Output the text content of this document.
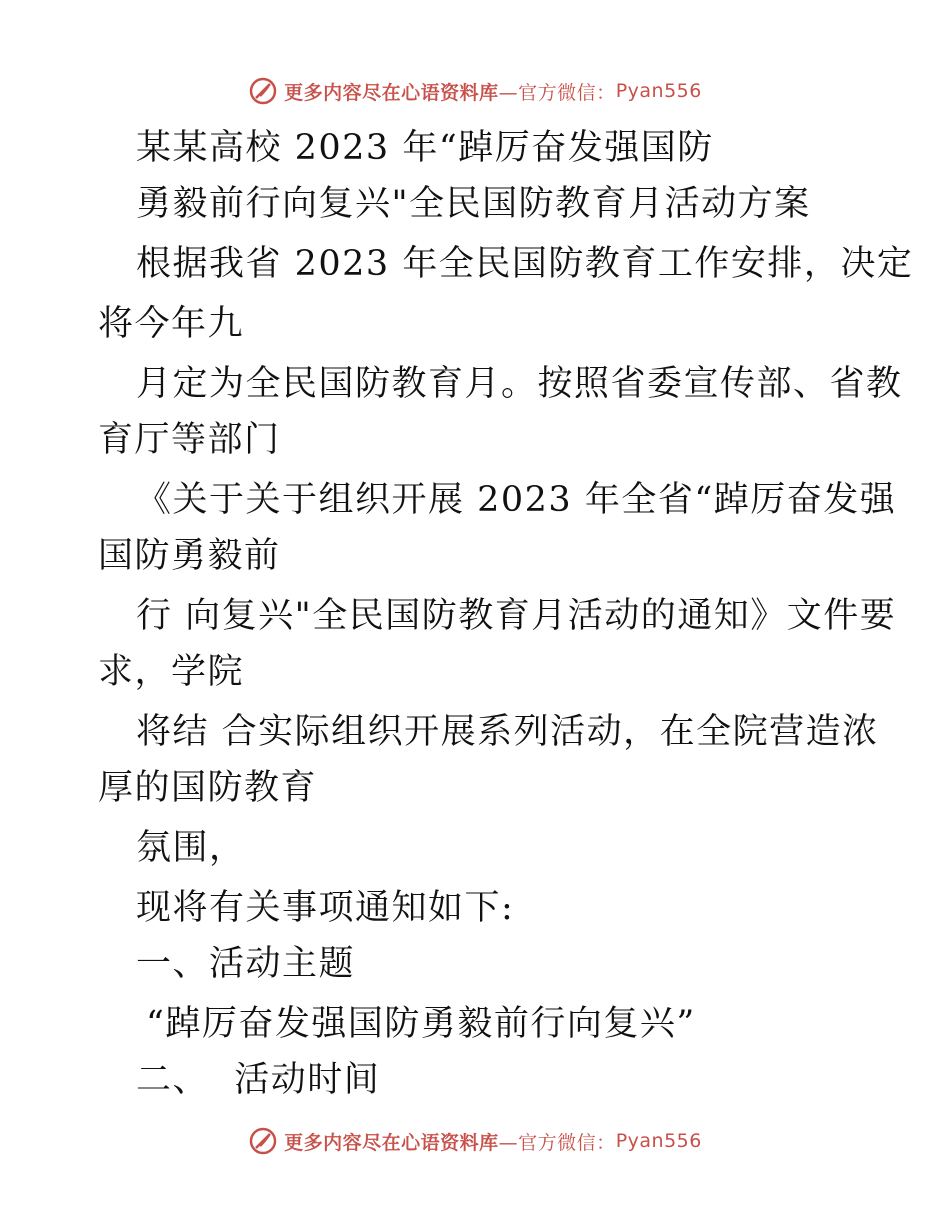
更多内容尽在心语资料库 —官方微信： Pyan556
某某高校 2023 年“踔厉奋发强国防
勇毅前行向复兴"全民国防教育月活动方案
根据我省 2023 年全民国防教育工作安排，决定
将今年九
月定为全民国防教育月。按照省委宣传部、省教
育厅等部门
《关于关于组织开展 2023 年全省“踔厉奋发强
国防勇毅前
行 向复兴"全民国防教育月活动的通知》文件要
求，学院
将结 合实际组织开展系列活动，在全院营造浓
厚的国防教育
氛围，
现将有关事项通知如下:
一、活动主题
“踔厉奋发强国防勇毅前行向复兴”
二、  活动时间
更多内容尽在心语资料库 —官方微信： Pyan556
